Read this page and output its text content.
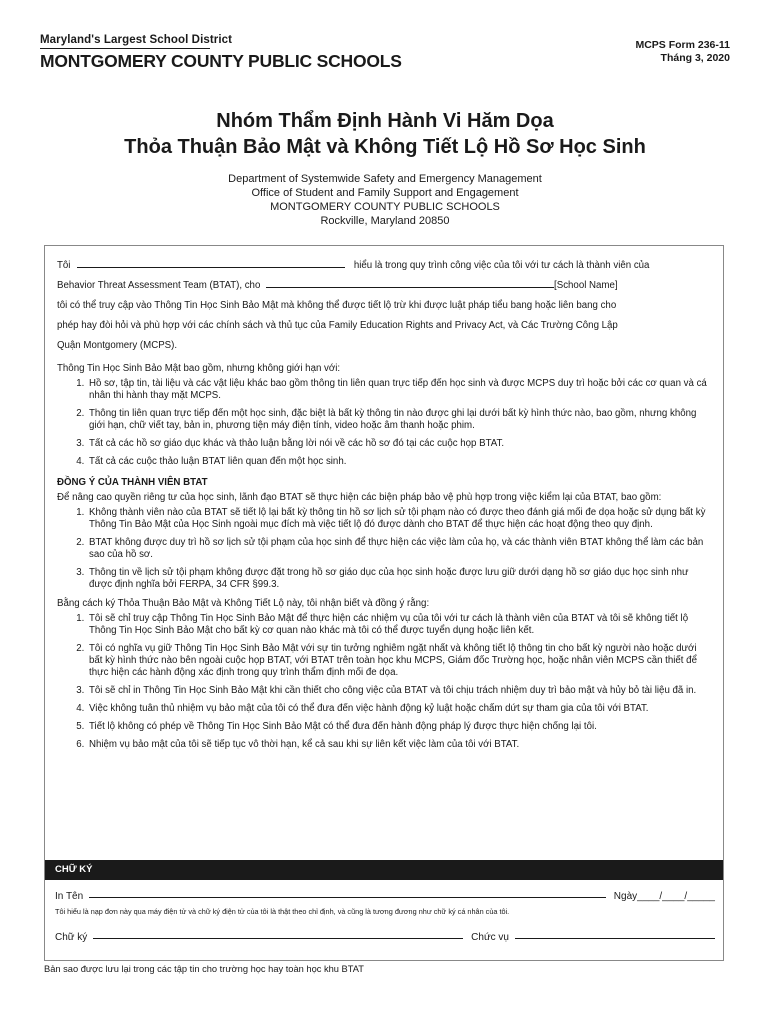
Maryland's Largest School District
MONTGOMERY COUNTY PUBLIC SCHOOLS
MCPS Form 236-11
Tháng 3, 2020
Nhóm Thẩm Định Hành Vi Hăm Dọa
Thỏa Thuận Bảo Mật và Không Tiết Lộ Hồ Sơ Học Sinh
Department of Systemwide Safety and Emergency Management
Office of Student and Family Support and Engagement
MONTGOMERY COUNTY PUBLIC SCHOOLS
Rockville, Maryland 20850
Tôi	hiểu là trong quy trình công việc của tôi với tư cách là thành viên của
Behavior Threat Assessment Team (BTAT), cho	[School Name]
tôi có thể truy cập vào Thông Tin Học Sinh Bảo Mật mà không thể được tiết lộ trừ khi được luật pháp tiểu bang hoặc liên bang cho
phép hay đòi hỏi và phù hợp với các chính sách và thủ tục của Family Education Rights and Privacy Act, và Các Trường Công Lập
Quận Montgomery (MCPS).

Thông Tin Học Sinh Bảo Mật bao gồm, nhưng không giới hạn với:

1. Hồ sơ, tập tin, tài liệu và các vật liệu khác bao gồm thông tin liên quan trực tiếp đến học sinh và được MCPS duy trì hoặc bởi các cơ quan và cá nhân thi hành thay mặt MCPS.
2. Thông tin liên quan trực tiếp đến một học sinh, đặc biệt là bất kỳ thông tin nào được ghi lại dưới bất kỳ hình thức nào, bao gồm, nhưng không giới hạn, chữ viết tay, bản in, phương tiện máy điện tính, video hoặc âm thanh hoặc phim.
3. Tất cả các hồ sơ giáo dục khác và thảo luận bằng lời nói về các hồ sơ đó tại các cuộc họp BTAT.
4. Tất cả các cuộc thảo luận BTAT liên quan đến một học sinh.

ĐỒNG Ý CỦA THÀNH VIÊN BTAT

Để nâng cao quyền riêng tư của học sinh, lãnh đạo BTAT sẽ thực hiện các biện pháp bảo vệ phù hợp trong việc kiểm lại của BTAT, bao gồm:

1. Không thành viên nào của BTAT sẽ tiết lộ lại bất kỳ thông tin hồ sơ lịch sử tội phạm nào có được theo đánh giá mối đe dọa hoặc sử dụng bất kỳ Thông Tin Bảo Mật của Học Sinh ngoài mục đích mà việc tiết lộ đó được dành cho BTAT để thực hiện các hoạt động theo quy định.
2. BTAT không được duy trì hồ sơ lịch sử tội phạm của học sinh để thực hiện các việc làm của họ, và các thành viên BTAT không thể làm các bản sao của hồ sơ.
3. Thông tin về lịch sử tội phạm không được đặt trong hồ sơ giáo dục của học sinh hoặc được lưu giữ dưới dạng hồ sơ giáo dục học sinh như được định nghĩa bởi FERPA, 34 CFR §99.3.

Bằng cách ký Thỏa Thuận Bảo Mật và Không Tiết Lộ này, tôi nhận biết và đồng ý rằng:

1. Tôi sẽ chỉ truy cập Thông Tin Học Sinh Bảo Mật để thực hiện các nhiệm vụ của tôi với tư cách là thành viên của BTAT và tôi sẽ không tiết lộ Thông Tin Học Sinh Bảo Mật cho bất kỳ cơ quan nào khác mà tôi có thể được tuyển dụng hoặc liên kết.
2. Tôi có nghĩa vụ giữ Thông Tin Học Sinh Bảo Mật với sự tin tưởng nghiêm ngặt nhất và không tiết lộ thông tin cho bất kỳ người nào hoặc dưới bất kỳ hình thức nào bên ngoài cuộc họp BTAT, với BTAT trên toàn học khu MCPS, Giám đốc Trường học, hoặc nhân viên MCPS cần thiết để thực hiện các hành động xác định trong quy trình thẩm định mối đe dọa.
3. Tôi sẽ chỉ in Thông Tin Học Sinh Bảo Mật khi cần thiết cho công việc của BTAT và tôi chịu trách nhiệm duy trì bảo mật và hủy bỏ tài liệu đã in.
4. Việc không tuân thủ nhiệm vụ bảo mật của tôi có thể đưa đến việc hành động kỷ luật hoặc chấm dứt sự tham gia của tôi với BTAT.
5. Tiết lộ không có phép về Thông Tin Học Sinh Bảo Mật có thể đưa đến hành động pháp lý được thực hiện chống lại tôi.
6. Nhiệm vụ bảo mật của tôi sẽ tiếp tục vô thời hạn, kể cả sau khi sự liên kết việc làm của tôi với BTAT.
CHỮ KÝ
In Tên	Ngày ____/____/_____
Tôi hiểu là nạp đơn này qua máy điện tử và chữ ký điện tử của tôi là thật theo chỉ định, và cũng là tương đương như chữ ký cá nhân của tôi.
Chữ ký	Chức vụ
Bản sao được lưu lại trong các tập tin cho trường học hay toàn học khu BTAT
